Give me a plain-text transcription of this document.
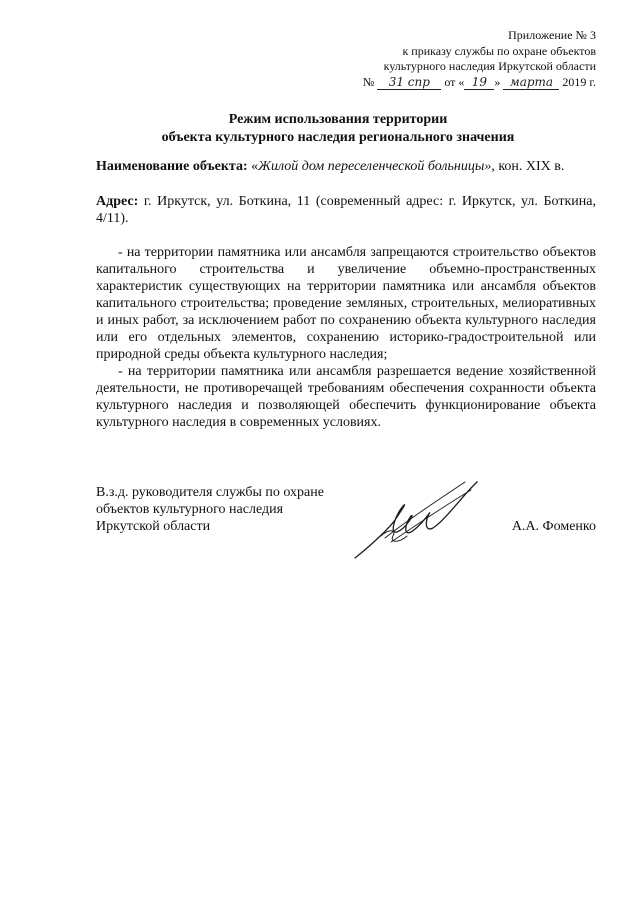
Приложение № 3
к приказу службы по охране объектов
культурного наследия Иркутской области
№ 31 спр от « 19 » марта 2019 г.
Режим использования территории
объекта культурного наследия регионального значения
Наименование объекта: «Жилой дом переселенческой больницы», кон. XIX в.
Адрес: г. Иркутск, ул. Боткина, 11 (современный адрес: г. Иркутск, ул. Боткина, 4/11).

- на территории памятника или ансамбля запрещаются строительство объектов капитального строительства и увеличение объемно-пространственных характеристик существующих на территории памятника или ансамбля объектов капитального строительства; проведение земляных, строительных, мелиоративных и иных работ, за исключением работ по сохранению объекта культурного наследия или его отдельных элементов, сохранению историко-градостроительной или природной среды объекта культурного наследия;

- на территории памятника или ансамбля разрешается ведение хозяйственной деятельности, не противоречащей требованиям обеспечения сохранности объекта культурного наследия и позволяющей обеспечить функционирование объекта культурного наследия в современных условиях.

В.з.д. руководителя службы по охране
объектов культурного наследия
Иркутской области	А.А. Фоменко
